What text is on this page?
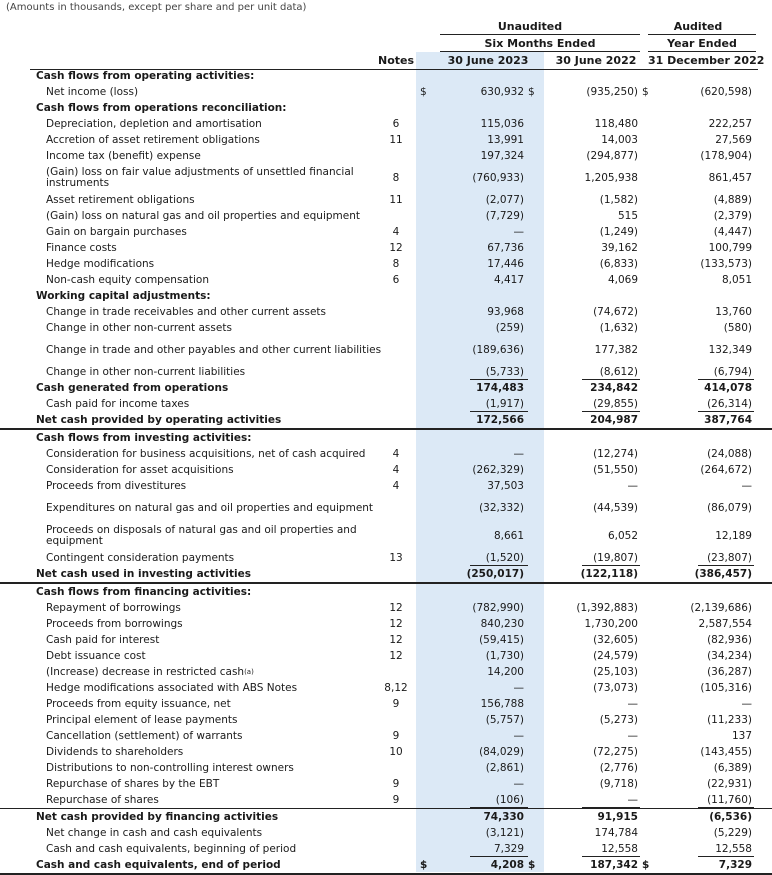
(Amounts in thousands, except per share and per unit data)
Unaudited	Audited
Six Months Ended	Year Ended
Notes	30 June 2023	30 June 2022	31 December 2022
Cash flows from operating activities:
Net income (loss)	$	630,932 $	(935,250) $	(620,598)
Cash flows from operations reconciliation:
Depreciation, depletion and amortisation	6	115,036	118,480	222,257
Accretion of asset retirement obligations	11	13,991	14,003	27,569
Income tax (benefit) expense	197,324	(294,877)	(178,904)
(Gain) loss on fair value adjustments of unsettled financial instruments	8	(760,933)	1,205,938	861,457
Asset retirement obligations	11	(2,077)	(1,582)	(4,889)
(Gain) loss on natural gas and oil properties and equipment	(7,729)	515	(2,379)
Gain on bargain purchases	4	—	(1,249)	(4,447)
Finance costs	12	67,736	39,162	100,799
Hedge modifications	8	17,446	(6,833)	(133,573)
Non-cash equity compensation	6	4,417	4,069	8,051
Working capital adjustments:
Change in trade receivables and other current assets	93,968	(74,672)	13,760
Change in other non-current assets	(259)	(1,632)	(580)
Change in trade and other payables and other current liabilities	(189,636)	177,382	132,349
Change in other non-current liabilities	(5,733)	(8,612)	(6,794)
Cash generated from operations	174,483	234,842	414,078
Cash paid for income taxes	(1,917)	(29,855)	(26,314)
Net cash provided by operating activities	172,566	204,987	387,764
Cash flows from investing activities:
Consideration for business acquisitions, net of cash acquired	4	—	(12,274)	(24,088)
Consideration for asset acquisitions	4	(262,329)	(51,550)	(264,672)
Proceeds from divestitures	4	37,503	—	—
Expenditures on natural gas and oil properties and equipment	(32,332)	(44,539)	(86,079)
Proceeds on disposals of natural gas and oil properties and equipment	8,661	6,052	12,189
Contingent consideration payments	13	(1,520)	(19,807)	(23,807)
Net cash used in investing activities	(250,017)	(122,118)	(386,457)
Cash flows from financing activities:
Repayment of borrowings	12	(782,990)	(1,392,883)	(2,139,686)
Proceeds from borrowings	12	840,230	1,730,200	2,587,554
Cash paid for interest	12	(59,415)	(32,605)	(82,936)
Debt issuance cost	12	(1,730)	(24,579)	(34,234)
(Increase) decrease in restricted cash (a)	14,200	(25,103)	(36,287)
Hedge modifications associated with ABS Notes	8,12	—	(73,073)	(105,316)
Proceeds from equity issuance, net	9	156,788	—	—
Principal element of lease payments	(5,757)	(5,273)	(11,233)
Cancellation (settlement) of warrants	9	—	—	137
Dividends to shareholders	10	(84,029)	(72,275)	(143,455)
Distributions to non-controlling interest owners	(2,861)	(2,776)	(6,389)
Repurchase of shares by the EBT	9	—	(9,718)	(22,931)
Repurchase of shares	9	(106)	—	(11,760)
Net cash provided by financing activities	74,330	91,915	(6,536)
Net change in cash and cash equivalents	(3,121)	174,784	(5,229)
Cash and cash equivalents, beginning of period	7,329	12,558	12,558
Cash and cash equivalents, end of period	$	4,208 $	187,342 $	7,329
